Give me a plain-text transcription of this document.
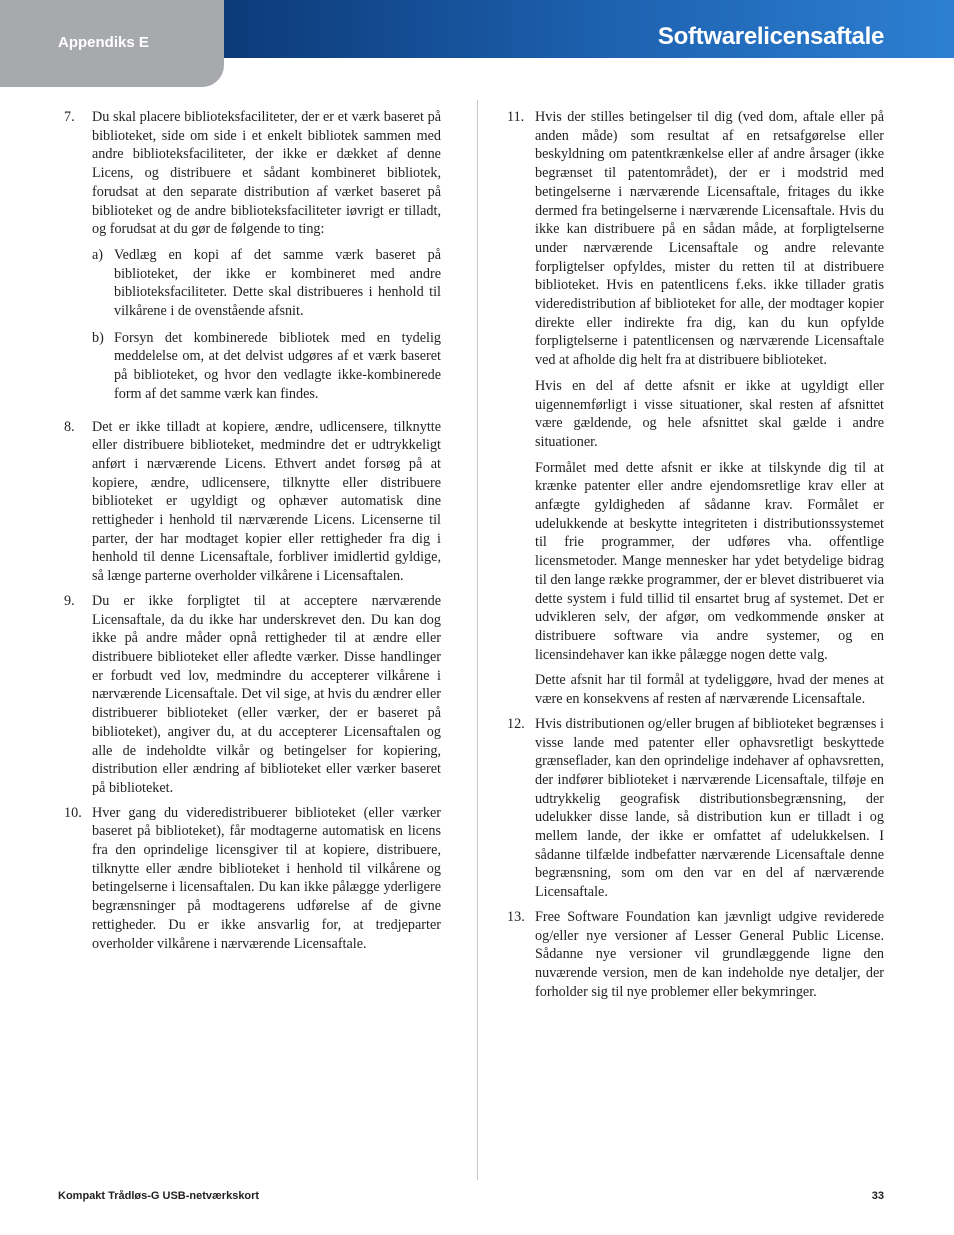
Appendiks E	Softwarelicensaftale
7.	Du skal placere biblioteksfaciliteter, der er et værk baseret på biblioteket, side om side i et enkelt bibliotek sammen med andre biblioteksfaciliteter, der ikke er dækket af denne Licens, og distribuere et sådant kombineret bibliotek, forudsat at den separate distribution af værket baseret på biblioteket og de andre biblioteksfaciliteter iøvrigt er tilladt, og forudsat at du gør de følgende to ting:

a) Vedlæg en kopi af det samme værk baseret på biblioteket, der ikke er kombineret med andre biblioteksfaciliteter. Dette skal distribueres i henhold til vilkårene i de ovenstående afsnit.
b) Forsyn det kombinerede bibliotek med en tydelig meddelelse om, at det delvist udgøres af et værk baseret på biblioteket, og hvor den vedlagte ikke-kombinerede form af det samme værk kan findes.
8.	Det er ikke tilladt at kopiere, ændre, udlicensere, tilknytte eller distribuere biblioteket, medmindre det er udtrykkeligt anført i nærværende Licens. Ethvert andet forsøg på at kopiere, ændre, udlicensere, tilknytte eller distribuere biblioteket er ugyldigt og ophæver automatisk dine rettigheder i henhold til nærværende Licens. Licenserne til parter, der har modtaget kopier eller rettigheder fra dig i henhold til denne Licensaftale, forbliver imidlertid gyldige, så længe parterne overholder vilkårene i Licensaftalen.

9.	Du er ikke forpligtet til at acceptere nærværende Licensaftale, da du ikke har underskrevet den. Du kan dog ikke på andre måder opnå rettigheder til at ændre eller distribuere biblioteket eller afledte værker. Disse handlinger er forbudt ved lov, medmindre du accepterer vilkårene i nærværende Licensaftale. Det vil sige, at hvis du ændrer eller distribuerer biblioteket (eller værker, der er baseret på biblioteket), angiver du, at du accepterer Licensaftalen og alle de indeholdte vilkår og betingelser for kopiering, distribution eller ændring af biblioteket eller værker baseret på biblioteket.

10. Hver gang du videredistribuerer biblioteket (eller værker baseret på biblioteket), får modtagerne automatisk en licens fra den oprindelige licensgiver til at kopiere, distribuere, tilknytte eller ændre biblioteket i henhold til vilkårene og betingelserne i licensaftalen. Du kan ikke pålægge yderligere begrænsninger på modtagerens udførelse af de givne rettigheder. Du er ikke ansvarlig for, at tredjeparter overholder vilkårene i nærværende Licensaftale.

11. Hvis der stilles betingelser til dig (ved dom, aftale eller på anden måde) som resultat af en retsafgørelse eller beskyldning om patentkrænkelse eller af andre årsager (ikke begrænset til patentområdet), der er i modstrid med betingelserne i nærværende Licensaftale, fritages du ikke dermed fra betingelserne i nærværende Licensaftale. Hvis du ikke kan distribuere på en sådan måde, at forpligtelserne under nærværende Licensaftale og andre relevante forpligtelser opfyldes, mister du retten til at distribuere biblioteket. Hvis en patentlicens f.eks. ikke tillader gratis videredistribution af biblioteket for alle, der modtager kopier direkte eller indirekte fra dig, kan du kun opfylde forpligtelserne i patentlicensen og nærværende Licensaftale ved at afholde dig helt fra at distribuere biblioteket.

Hvis en del af dette afsnit er ikke at ugyldigt eller uigennemførligt i visse situationer, skal resten af afsnittet være gældende, og hele afsnittet skal gælde i andre situationer.

Formålet med dette afsnit er ikke at tilskynde dig til at krænke patenter eller andre ejendomsretlige krav eller at anfægte gyldigheden af sådanne krav. Formålet er udelukkende at beskytte integriteten i distributionssystemet til frie programmer, der udføres vha. offentlige licensmetoder. Mange mennesker har ydet betydelige bidrag til den lange række programmer, der er blevet distribueret via dette system i fuld tillid til ensartet brug af systemet. Det er udvikleren selv, der afgør, om vedkommende ønsker at distribuere software via andre systemer, og en licensindehaver kan ikke pålægge nogen dette valg.

Dette afsnit har til formål at tydeliggøre, hvad der menes at være en konsekvens af resten af nærværende Licensaftale.

12. Hvis distributionen og/eller brugen af biblioteket begrænses i visse lande med patenter eller ophavsretligt beskyttede grænseflader, kan den oprindelige indehaver af ophavsretten, der indfører biblioteket i nærværende Licensaftale, tilføje en udtrykkelig geografisk distributionsbegrænsning, der udelukker disse lande, så distribution kun er tilladt i og mellem lande, der ikke er omfattet af udelukkelsen. I sådanne tilfælde indbefatter nærværende Licensaftale denne begrænsning, som om den var en del af nærværende Licensaftale.

13. Free Software Foundation kan jævnligt udgive reviderede og/eller nye versioner af Lesser General Public License. Sådanne nye versioner vil grundlæggende ligne den nuværende version, men de kan indeholde nye detaljer, der forholder sig til nye problemer eller bekymringer.

Kompakt Trådløs-G USB-netværkskort	33
